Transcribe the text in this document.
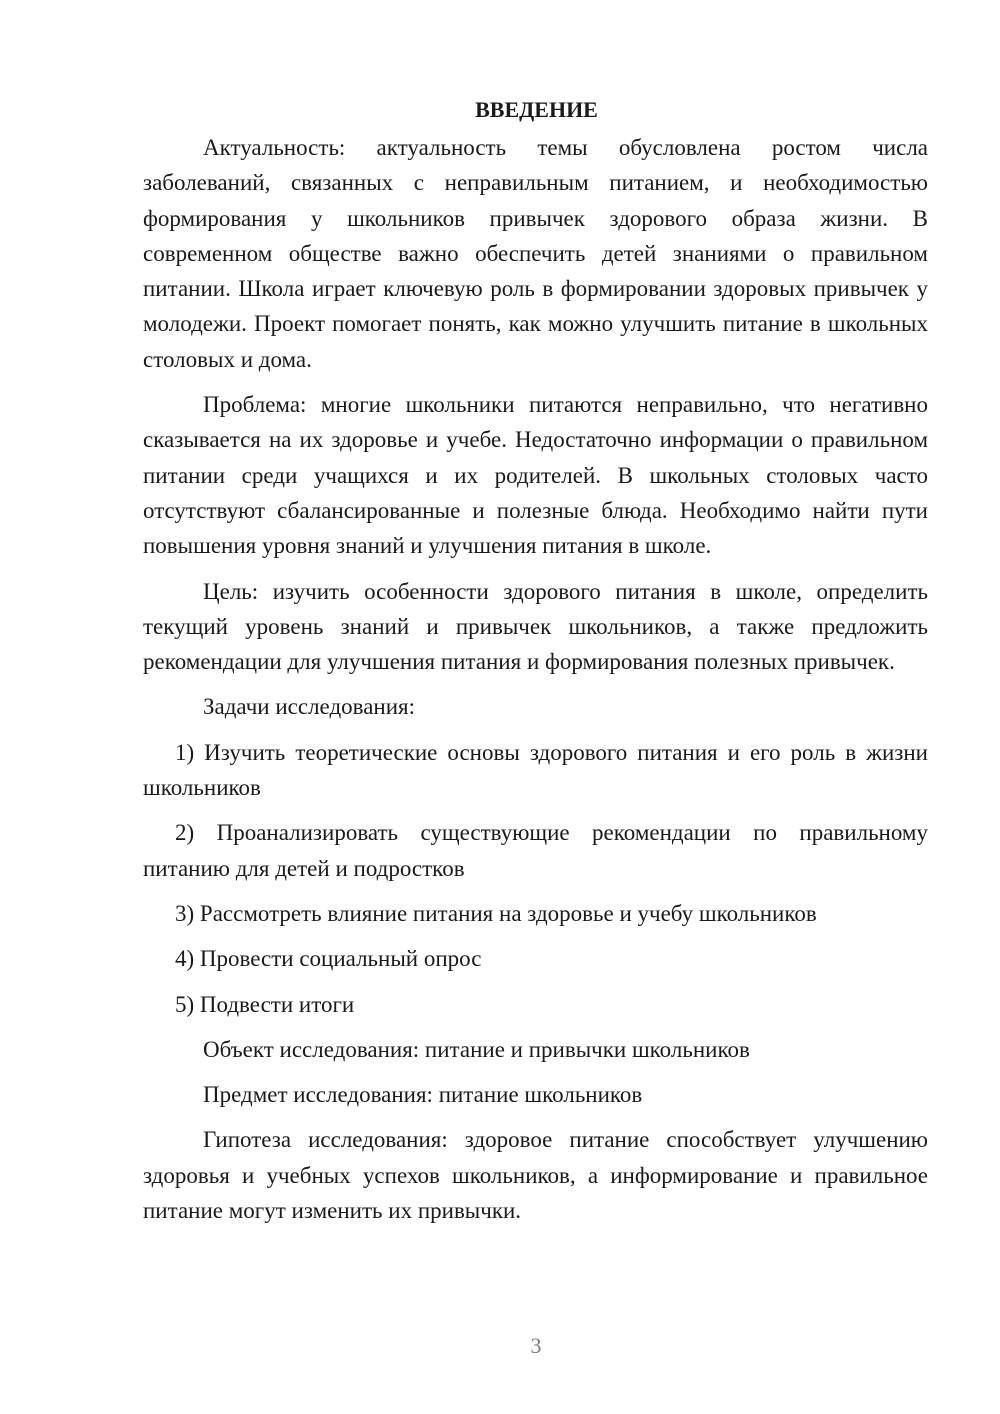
ВВЕДЕНИЕ

Актуальность: актуальность темы обусловлена ростом числа заболеваний, связанных с неправильным питанием, и необходимостью формирования у школьников привычек здорового образа жизни. В современном обществе важно обеспечить детей знаниями о правильном питании. Школа играет ключевую роль в формировании здоровых привычек у молодежи. Проект помогает понять, как можно улучшить питание в школьных столовых и дома.

Проблема: многие школьники питаются неправильно, что негативно сказывается на их здоровье и учебе. Недостаточно информации о правильном питании среди учащихся и их родителей. В школьных столовых часто отсутствуют сбалансированные и полезные блюда. Необходимо найти пути повышения уровня знаний и улучшения питания в школе.

Цель: изучить особенности здорового питания в школе, определить текущий уровень знаний и привычек школьников, а также предложить рекомендации для улучшения питания и формирования полезных привычек.

Задачи исследования:

1) Изучить теоретические основы здорового питания и его роль в жизни школьников

2) Проанализировать существующие рекомендации по правильному питанию для детей и подростков

3) Рассмотреть влияние питания на здоровье и учебу школьников

4) Провести социальный опрос

5) Подвести итоги

Объект исследования: питание и привычки школьников

Предмет исследования: питание школьников

Гипотеза исследования: здоровое питание способствует улучшению здоровья и учебных успехов школьников, а информирование и правильное питание могут изменить их привычки.

3
